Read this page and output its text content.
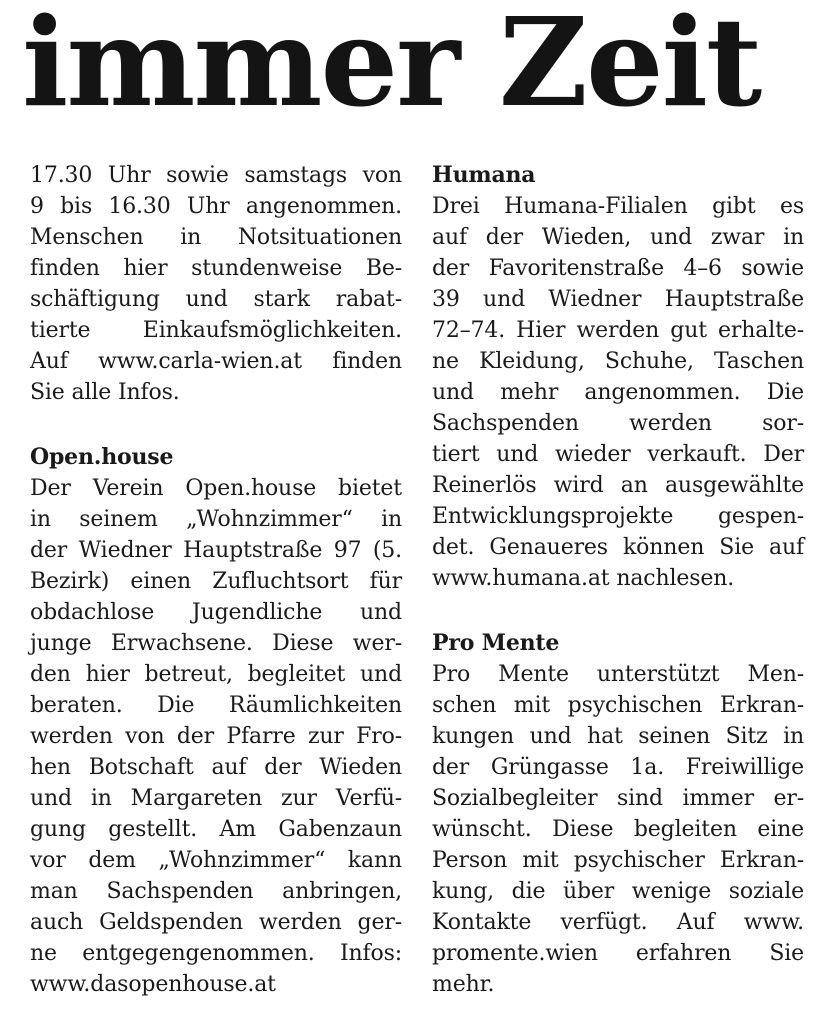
immer Zeit
17.30 Uhr sowie samstags von
9 bis 16.30 Uhr angenommen.
Menschen in Notsituationen
finden hier stundenweise Be-
schäftigung und stark rabat-
tierte Einkaufsmöglichkeiten.
Auf www.carla-wien.at finden
Sie alle Infos.
Open.house
Der Verein Open.house bietet
in seinem „Wohnzimmer“ in
der Wiedner Hauptstraße 97 (5.
Bezirk) einen Zufluchtsort für
obdachlose Jugendliche und
junge Erwachsene. Diese wer-
den hier betreut, begleitet und
beraten. Die Räumlichkeiten
werden von der Pfarre zur Fro-
hen Botschaft auf der Wieden
und in Margareten zur Verfü-
gung gestellt. Am Gabenzaun
vor dem „Wohnzimmer“ kann
man Sachspenden anbringen,
auch Geldspenden werden ger-
ne entgegengenommen. Infos:
www.dasopenhouse.at
Humana
Drei Humana-Filialen gibt es
auf der Wieden, und zwar in
der Favoritenstraße 4–6 sowie
39 und Wiedner Hauptstraße
72–74. Hier werden gut erhalte-
ne Kleidung, Schuhe, Taschen
und mehr angenommen. Die
Sachspenden werden sor-
tiert und wieder verkauft. Der
Reinerlös wird an ausgewählte
Entwicklungsprojekte gespen-
det. Genaueres können Sie auf
www.humana.at nachlesen.
Pro Mente
Pro Mente unterstützt Men-
schen mit psychischen Erkran-
kungen und hat seinen Sitz in
der Grüngasse 1a. Freiwillige
Sozialbegleiter sind immer er-
wünscht. Diese begleiten eine
Person mit psychischer Erkran-
kung, die über wenige soziale
Kontakte verfügt. Auf www.
promente.wien erfahren Sie
mehr.
